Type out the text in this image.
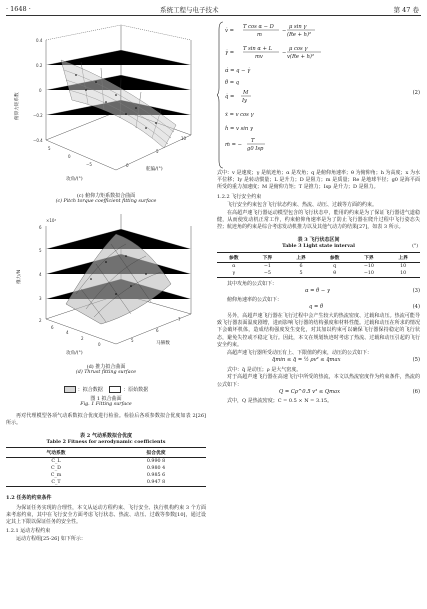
· 1648 ·	系统工程与电子技术	第 47 卷
0.4
0.2
0
−0.2
−0.4
5
0
−5	0
5
10
俯仰力矩系数
攻角/(°)
舵偏/(°)
(c) 俯仰力矩系数拟合曲面
(c) Pitch torque coefficient fitting surface
×10⁴
6
5
4
3
2
6
4
2
0
5
6
7
推力/N
攻角/(°)
马赫数
(d) 推力拟合曲面
(d) Thrust fitting surface
：拟合数据	：原始数据
图 1 拟合曲面
Fig. 1 Fitting surface

再对代理模型各项气动系数拟合优度进行检验。检验后各项参数拟合优度如表 2[26] 所示。

表 2 气动系数拟合优度
Table 2 Fitness for aerodynamic coefficients
气动系数	拟合优度
C_L	0.990 8
C_D	0.980 4
C_m	0.985 6
C_T	0.947 8
1.2 任务的约束条件

为保证任务实现的合理性，本文从运动方程约束、飞行安全、执行机构约束 3 个方面来考虑约束，其中在飞行安全方面考虑飞行状态、热流、动压、过载等参数[10]，通过设定其上下限以保证任务的安全性。

1.2.1 运动方程约束

运动方程组[25-26] 如下所示：

v̇ =
T cos α − D
m
−
μ sin γ
(Re + h)²
γ̇ =
T sin α + L
mv
−
μ cos γ
v(Re + h)²
α̇ = q − γ̇
θ̇ = q
q̇ =
M
Iy
ẋ = v cos γ
ḣ = v sin γ
ṁ = −
T
g0 Isp
(2)

式中：v 是速度；γ 是航迹角；α 是攻角；q 是俯仰角速率；θ 为俯仰角；h 为高度；x 为水平位移；Iy 是转动惯量；L 是升力；D 是阻力；m 是质量；Re 是地球半径；g0 是海平面所受的重力加速度；M 是俯仰力矩；T 是推力；Isp 是升力；D 是阻力。

1.2.2 飞行安全约束

飞行安全约束包含飞行状态约束、热流、动压、过载等方面的约束。

在高超声速飞行器运动模型包含的飞行状态中，能用的约束是为了保证飞行器进气道稳健，从而使发动机正常工作，约束俯仰角速率是为了防止飞行器在爬升过程中飞行姿态失控；航迹角的约束是综合考虑发动机推力以及其他气动力的结果[27]，如表 3 所示。

表 3 飞行状态区间
Table 3 Light state interval	(°)
参数	下界	上界	参数	下界	上界
α	−1	6	q	−10	10
γ	−5	5	θ	−10	10

其中攻角的公式如下：

α = θ − γ	(3)

俯仰角速率的公式如下：

q = θ̇	(4)

另外，高超声速飞行器在飞行过程中会产生较大的热流密度、过载和动压。热流可能导致飞行器表面温度剧增，进而影响飞行器的结构强度和材料性能。过载和动压在所求的情况下会破坏机体，造成结构强度发生变化，对其加以约束可以确保飞行器保持稳定的飞行状态，避免失控或不稳定飞行。因此，本文在规划轨迹时考虑了热流、过载和动压引起的飞行安全约束。

高超声速飞行器所受动压有上、下限值的约束，动压的公式如下：

q̄min ≤ q̄ = ½ ρv² ≤ q̄max	(5)

式中：q̄ 是动压；ρ 是大气密度。

对于高超声速飞行器在高速飞行中所受的热流，本文以热流密度作为约束条件，热流的公式如下：

Q = Cρ^0.5 v³ ≤ Qmax	(6)

式中，Q 是热流密度；C = 0.5 × N = 3.15。
